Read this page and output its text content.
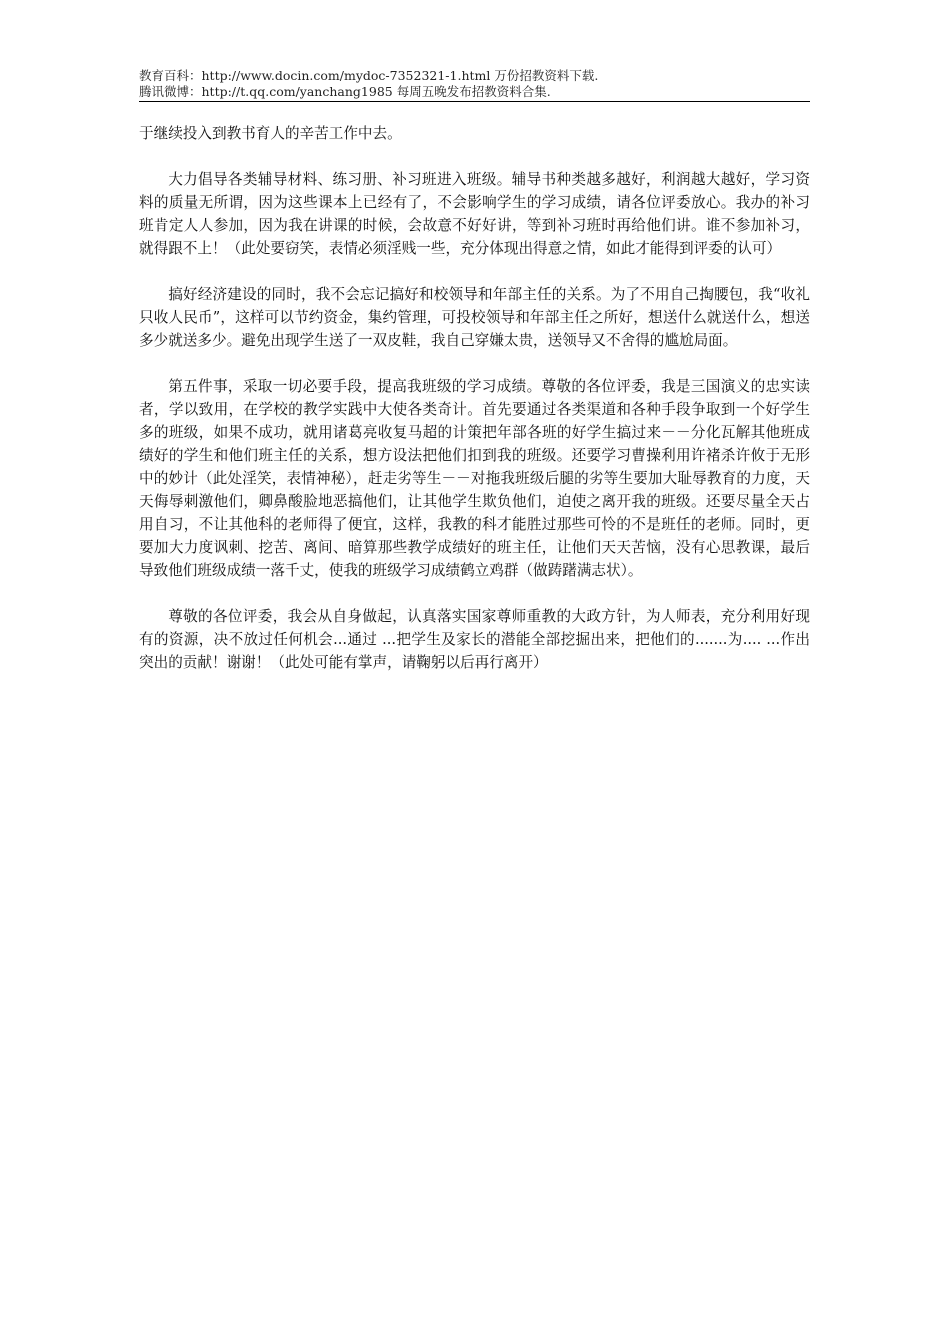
教育百科：http://www.docin.com/mydoc-7352321-1.html 万份招教资料下载.
腾讯微博：http://t.qq.com/yanchang1985 每周五晚发布招教资料合集.

于继续投入到教书育人的辛苦工作中去。

大力倡导各类辅导材料、练习册、补习班进入班级。辅导书种类越多越好，利润越大越好，学习资料的质量无所谓，因为这些课本上已经有了，不会影响学生的学习成绩，请各位评委放心。我办的补习班肯定人人参加，因为我在讲课的时候，会故意不好好讲，等到补习班时再给他们讲。谁不参加补习，就得跟不上！（此处要窃笑，表情必须淫贱一些，充分体现出得意之情，如此才能得到评委的认可）

搞好经济建设的同时，我不会忘记搞好和校领导和年部主任的关系。为了不用自己掏腰包，我“收礼只收人民币”，这样可以节约资金，集约管理，可投校领导和年部主任之所好，想送什么就送什么，想送多少就送多少。避免出现学生送了一双皮鞋，我自己穿嫌太贵，送领导又不舍得的尴尬局面。

第五件事，采取一切必要手段，提高我班级的学习成绩。尊敬的各位评委，我是三国演义的忠实读者，学以致用，在学校的教学实践中大使各类奇计。首先要通过各类渠道和各种手段争取到一个好学生多的班级，如果不成功，就用诸葛亮收复马超的计策把年部各班的好学生搞过来－－分化瓦解其他班成绩好的学生和他们班主任的关系，想方设法把他们扣到我的班级。还要学习曹操利用许褚杀许攸于无形中的妙计（此处淫笑，表情神秘），赶走劣等生－－对拖我班级后腿的劣等生要加大耻辱教育的力度，天天侮辱刺激他们，卿鼻酸脸地恶搞他们，让其他学生欺负他们，迫使之离开我的班级。还要尽量全天占用自习，不让其他科的老师得了便宜，这样，我教的科才能胜过那些可怜的不是班任的老师。同时，更要加大力度讽刺、挖苦、离间、暗算那些教学成绩好的班主任，让他们天天苦恼，没有心思教课，最后导致他们班级成绩一落千丈，使我的班级学习成绩鹤立鸡群（做踌躇满志状）。

尊敬的各位评委，我会从自身做起，认真落实国家尊师重教的大政方针，为人师表，充分利用好现有的资源，决不放过任何机会...通过 ...把学生及家长的潜能全部挖掘出来，把他们的.......为.... ...作出突出的贡献！谢谢！（此处可能有掌声，请鞠躬以后再行离开）
